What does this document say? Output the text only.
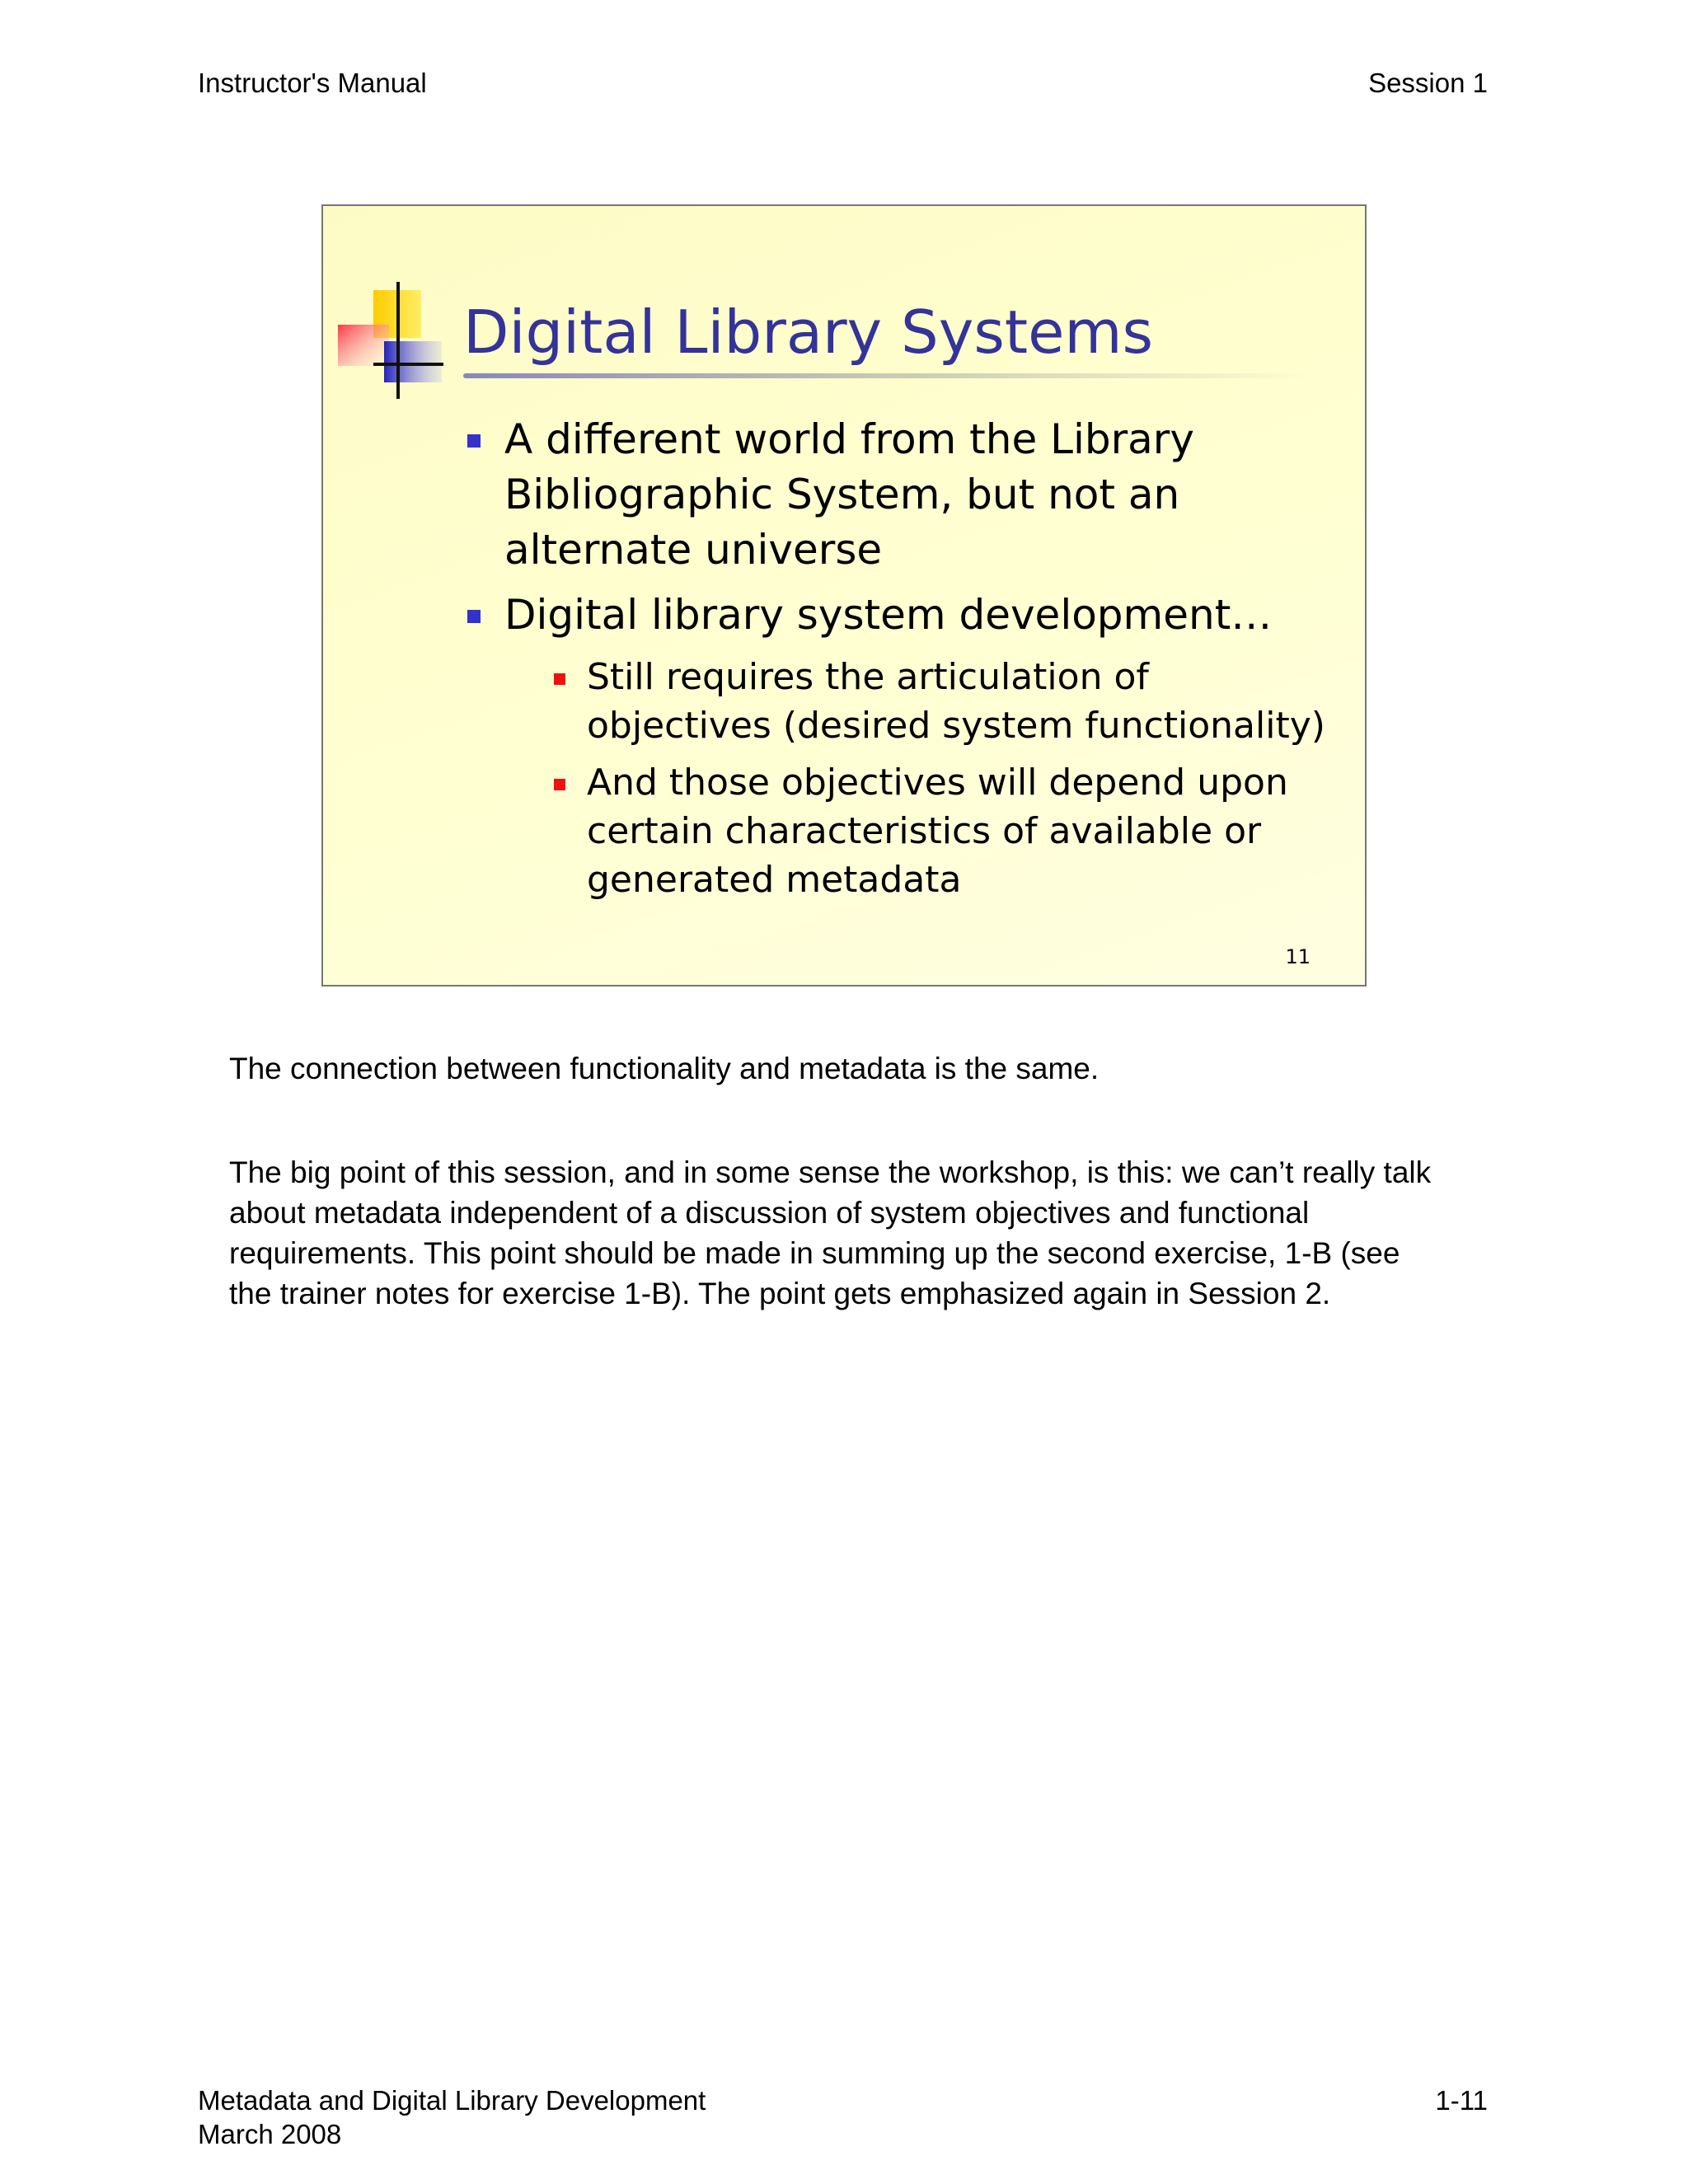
Instructor's Manual	Session 1
Digital Library Systems
A different world from the Library Bibliographic System, but not an alternate universe
Digital library system development…
Still requires the articulation of objectives (desired system functionality)
And those objectives will depend upon certain characteristics of available or generated metadata
11

The connection between functionality and metadata is the same.

The big point of this session, and in some sense the workshop, is this: we can’t really talk about metadata independent of a discussion of system objectives and functional requirements. This point should be made in summing up the second exercise, 1-B (see the trainer notes for exercise 1-B). The point gets emphasized again in Session 2.

Metadata and Digital Library Development
March 2008
1-11
